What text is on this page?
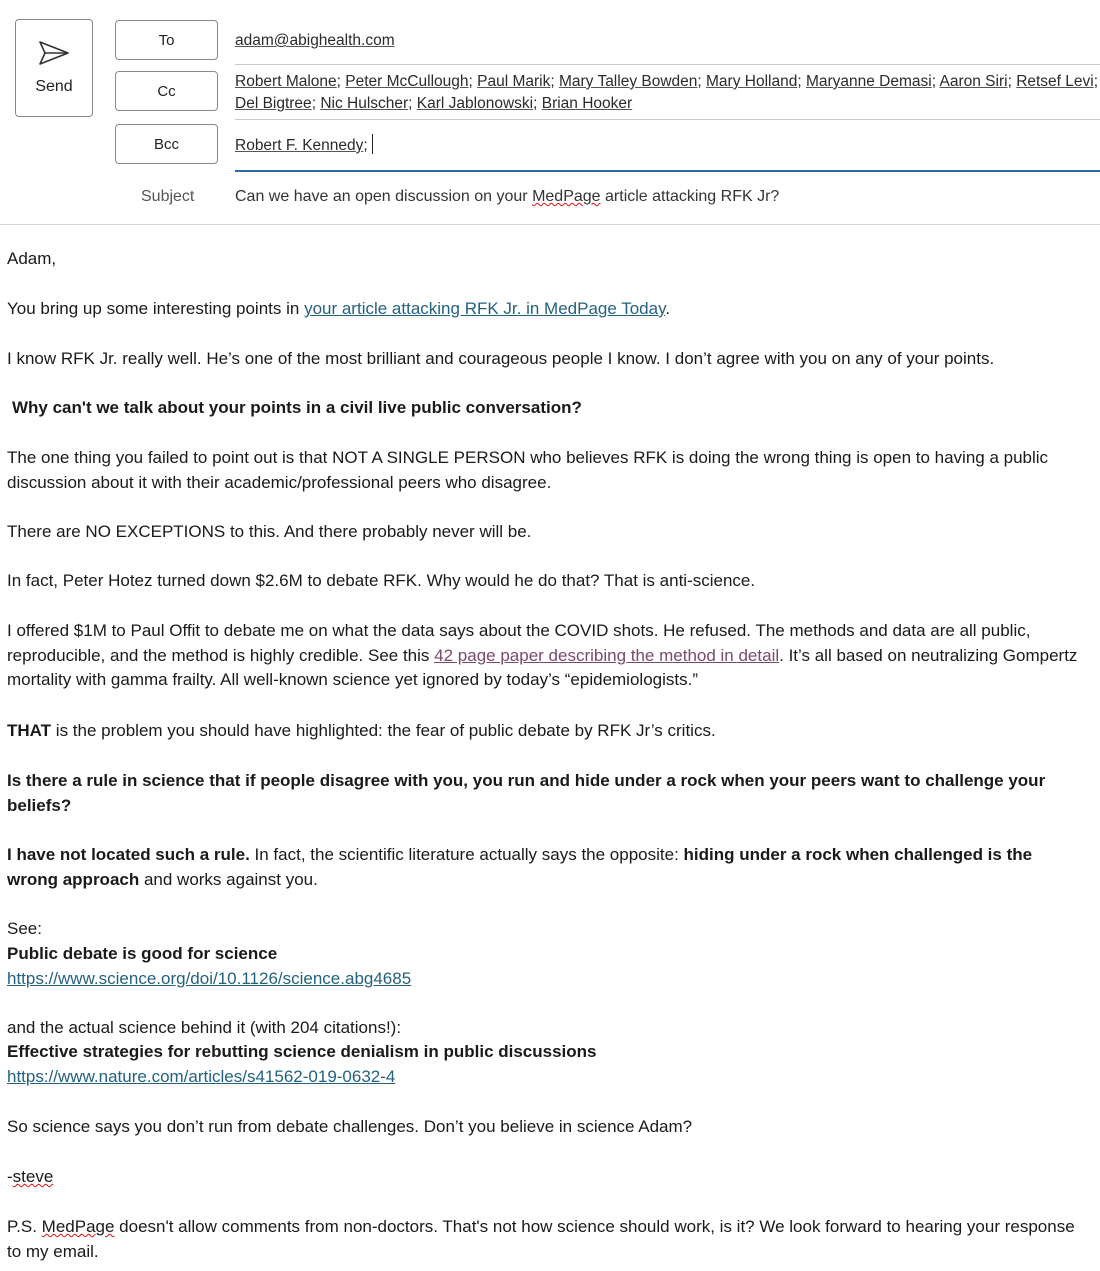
Send
To
Cc
Bcc
adam@abighealth.com
Robert Malone; Peter McCullough; Paul Marik; Mary Talley Bowden; Mary Holland; Maryanne Demasi; Aaron Siri; Retsef Levi;
Del Bigtree; Nic Hulscher; Karl Jablonowski; Brian Hooker
Robert F. Kennedy;
Subject	Can we have an open discussion on your MedPage article attacking RFK Jr?
Adam,
You bring up some interesting points in your article attacking RFK Jr. in MedPage Today.
I know RFK Jr. really well. He’s one of the most brilliant and courageous people I know. I don’t agree with you on any of your points.
Why can't we talk about your points in a civil live public conversation?
The one thing you failed to point out is that NOT A SINGLE PERSON who believes RFK is doing the wrong thing is open to having a public discussion about it with their academic/professional peers who disagree.
There are NO EXCEPTIONS to this. And there probably never will be.
In fact, Peter Hotez turned down $2.6M to debate RFK. Why would he do that? That is anti-science.
I offered $1M to Paul Offit to debate me on what the data says about the COVID shots. He refused. The methods and data are all public, reproducible, and the method is highly credible. See this 42 page paper describing the method in detail. It’s all based on neutralizing Gompertz mortality with gamma frailty. All well-known science yet ignored by today’s “epidemiologists.”
THAT is the problem you should have highlighted: the fear of public debate by RFK Jr’s critics.
Is there a rule in science that if people disagree with you, you run and hide under a rock when your peers want to challenge your beliefs?
I have not located such a rule. In fact, the scientific literature actually says the opposite: hiding under a rock when challenged is the wrong approach and works against you.
See:
Public debate is good for science
https://www.science.org/doi/10.1126/science.abg4685
and the actual science behind it (with 204 citations!):
Effective strategies for rebutting science denialism in public discussions
https://www.nature.com/articles/s41562-019-0632-4
So science says you don’t run from debate challenges. Don’t you believe in science Adam?
-steve
P.S. MedPage doesn't allow comments from non-doctors. That's not how science should work, is it? We look forward to hearing your response to my email.
